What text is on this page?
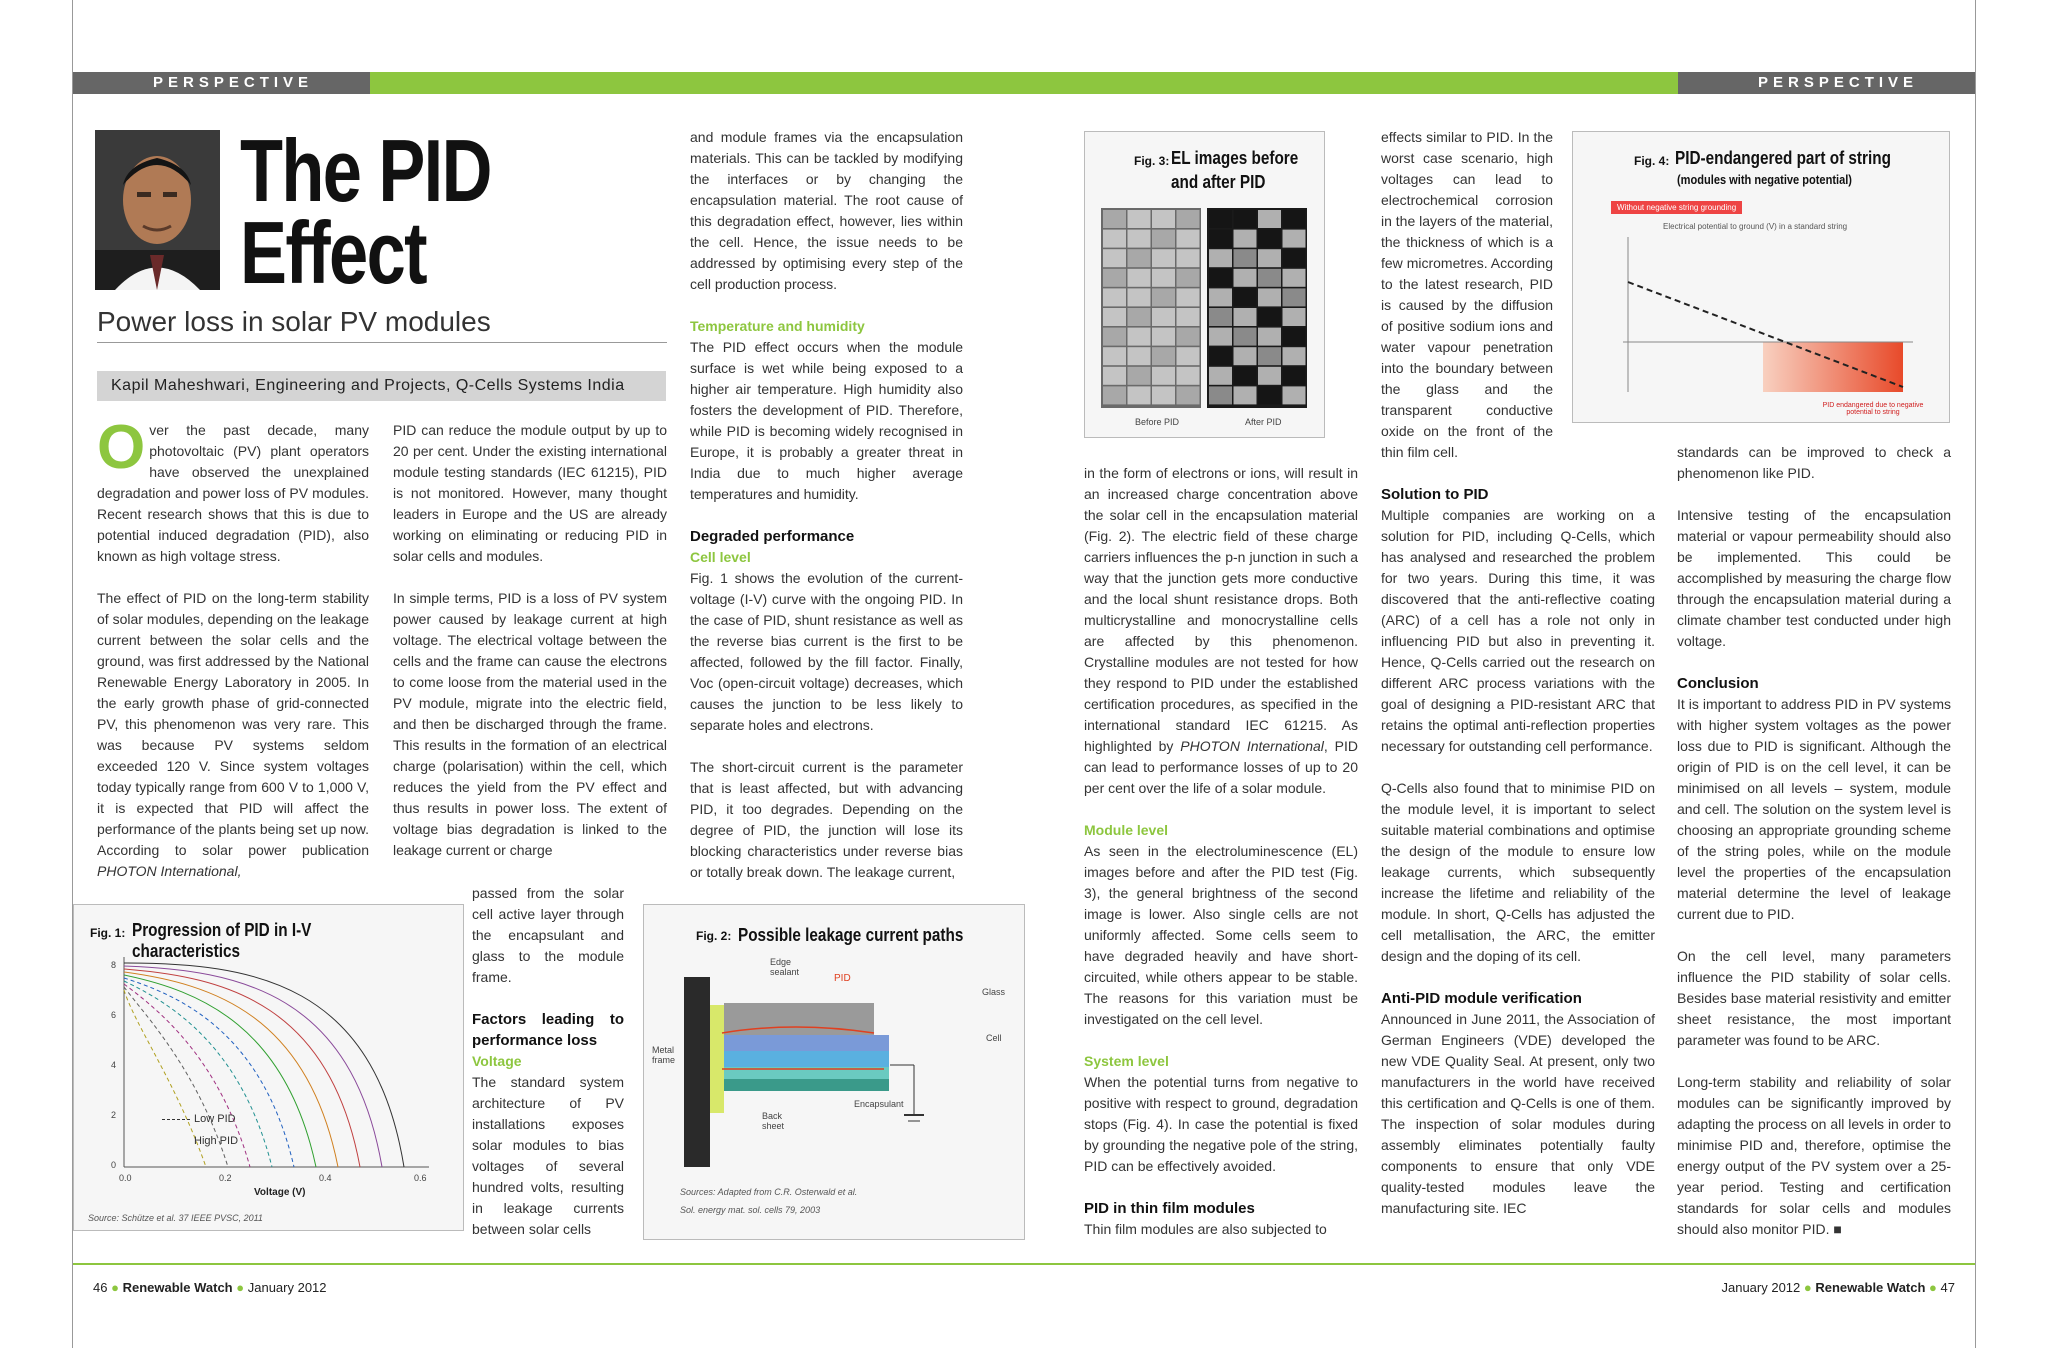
PERSPECTIVE	PERSPECTIVE
The PID
Effect
Power loss in solar PV modules
Kapil Maheshwari, Engineering and Projects, Q-Cells Systems India

Over the past decade, many photovoltaic (PV) plant operators have observed the unexplained degradation and power loss of PV modules. Recent research shows that this is due to potential induced degradation (PID), also known as high voltage stress.

The effect of PID on the long-term stability of solar modules, depending on the leakage current between the solar cells and the ground, was first addressed by the National Renewable Energy Laboratory in 2005. In the early growth phase of grid-connected PV, this phenomenon was very rare. This was because PV systems seldom exceeded 120 V. Since system voltages today typically range from 600 V to 1,000 V, it is expected that PID will affect the performance of the plants being set up now. According to solar power publication PHOTON International,

PID can reduce the module output by up to 20 per cent. Under the existing international module testing standards (IEC 61215), PID is not monitored. However, many thought leaders in Europe and the US are already working on eliminating or reducing PID in solar cells and modules.

In simple terms, PID is a loss of PV system power caused by leakage current at high voltage. The electrical voltage between the cells and the frame can cause the electrons to come loose from the material used in the PV module, migrate into the electric field, and then be discharged through the frame. This results in the formation of an electrical charge (polarisation) within the cell, which reduces the yield from the PV effect and thus results in power loss. The extent of voltage bias degradation is linked to the leakage current or charge

and module frames via the encapsulation materials. This can be tackled by modifying the interfaces or by changing the encapsulation material. The root cause of this degradation effect, however, lies within the cell. Hence, the issue needs to be addressed by optimising every step of the cell production process.

Temperature and humidity

The PID effect occurs when the module surface is wet while being exposed to a higher air temperature. High humidity also fosters the development of PID. Therefore, while PID is becoming widely recognised in Europe, it is probably a greater threat in India due to much higher average temperatures and humidity.

Degraded performance
Cell level

Fig. 1 shows the evolution of the current-voltage (I-V) curve with the ongoing PID. In the case of PID, shunt resistance as well as the reverse bias current is the first to be affected, followed by the fill factor. Finally, Voc (open-circuit voltage) decreases, which causes the junction to be less likely to separate holes and electrons.

The short-circuit current is the parameter that is least affected, but with advancing PID, it too degrades. Depending on the degree of PID, the junction will lose its blocking characteristics under reverse bias or totally break down. The leakage current,

passed from the solar cell active layer through the encapsulant and glass to the module frame.

Factors leading to performance loss
Voltage

The standard system architecture of PV installations exposes solar modules to bias voltages of several hundred volts, resulting in leakage currents between solar cells

Fig. 1: Progression of PID in I-V characteristics
8
6
4
2
0
0.0	0.2	0.4	0.6
Voltage (V)
Low PID
High PID
Source: Schütze et al. 37 IEEE PVSC, 2011
Fig. 2: Possible leakage current paths
Edge sealant
PID
Glass
Cell
Metal frame
Back sheet
Encapsulant
Sources: Adapted from C.R. Osterwald et al.
Sol. energy mat. sol. cells 79, 2003
Fig. 3: EL images before
and after PID
Before PID	After PID
Fig. 4: PID-endangered part of string
(modules with negative potential)
Without negative string grounding
Electrical potential to ground (V) in a standard string
PID endangered due to negative potential to string

in the form of electrons or ions, will result in an increased charge concentration above the solar cell in the encapsulation material (Fig. 2). The electric field of these charge carriers influences the p-n junction in such a way that the junction gets more conductive and the local shunt resistance drops. Both multicrystalline and monocrystalline cells are affected by this phenomenon. Crystalline modules are not tested for how they respond to PID under the established certification procedures, as specified in the international standard IEC 61215. As highlighted by PHOTON International, PID can lead to performance losses of up to 20 per cent over the life of a solar module.

Module level

As seen in the electroluminescence (EL) images before and after the PID test (Fig. 3), the general brightness of the second image is lower. Also single cells are not uniformly affected. Some cells seem to have degraded heavily and have short-circuited, while others appear to be stable. The reasons for this variation must be investigated on the cell level.

System level

When the potential turns from negative to positive with respect to ground, degradation stops (Fig. 4). In case the potential is fixed by grounding the negative pole of the string, PID can be effectively avoided.

PID in thin film modules

Thin film modules are also subjected to

effects similar to PID. In the worst case scenario, high voltages can lead to electrochemical corrosion in the layers of the material, the thickness of which is a few micrometres. According to the latest research, PID is caused by the diffusion of positive sodium ions and water vapour penetration into the boundary between the glass and the transparent conductive oxide on the front of the thin film cell.

Solution to PID

Multiple companies are working on a solution for PID, including Q-Cells, which has analysed and researched the problem for two years. During this time, it was discovered that the anti-reflective coating (ARC) of a cell has a role not only in influencing PID but also in preventing it. Hence, Q-Cells carried out the research on different ARC process variations with the goal of designing a PID-resistant ARC that retains the optimal anti-reflection properties necessary for outstanding cell performance.

Q-Cells also found that to minimise PID on the module level, it is important to select suitable material combinations and optimise the design of the module to ensure low leakage currents, which subsequently increase the lifetime and reliability of the module. In short, Q-Cells has adjusted the cell metallisation, the ARC, the emitter design and the doping of its cell.

Anti-PID module verification

Announced in June 2011, the Association of German Engineers (VDE) developed the new VDE Quality Seal. At present, only two manufacturers in the world have received this certification and Q-Cells is one of them. The inspection of solar modules during assembly eliminates potentially faulty components to ensure that only VDE quality-tested modules leave the manufacturing site. IEC

standards can be improved to check a phenomenon like PID.

Intensive testing of the encapsulation material or vapour permeability should also be implemented. This could be accomplished by measuring the charge flow through the encapsulation material during a climate chamber test conducted under high voltage.

Conclusion

It is important to address PID in PV systems with higher system voltages as the power loss due to PID is significant. Although the origin of PID is on the cell level, it can be minimised on all levels – system, module and cell. The solution on the system level is choosing an appropriate grounding scheme of the string poles, while on the module level the properties of the encapsulation material determine the level of leakage current due to PID.

On the cell level, many parameters influence the PID stability of solar cells. Besides base material resistivity and emitter sheet resistance, the most important parameter was found to be ARC.

Long-term stability and reliability of solar modules can be significantly improved by adapting the process on all levels in order to minimise PID and, therefore, optimise the energy output of the PV system over a 25-year period. Testing and certification standards for solar cells and modules should also monitor PID. ■

46 ● Renewable Watch ● January 2012	January 2012 ● Renewable Watch ● 47
